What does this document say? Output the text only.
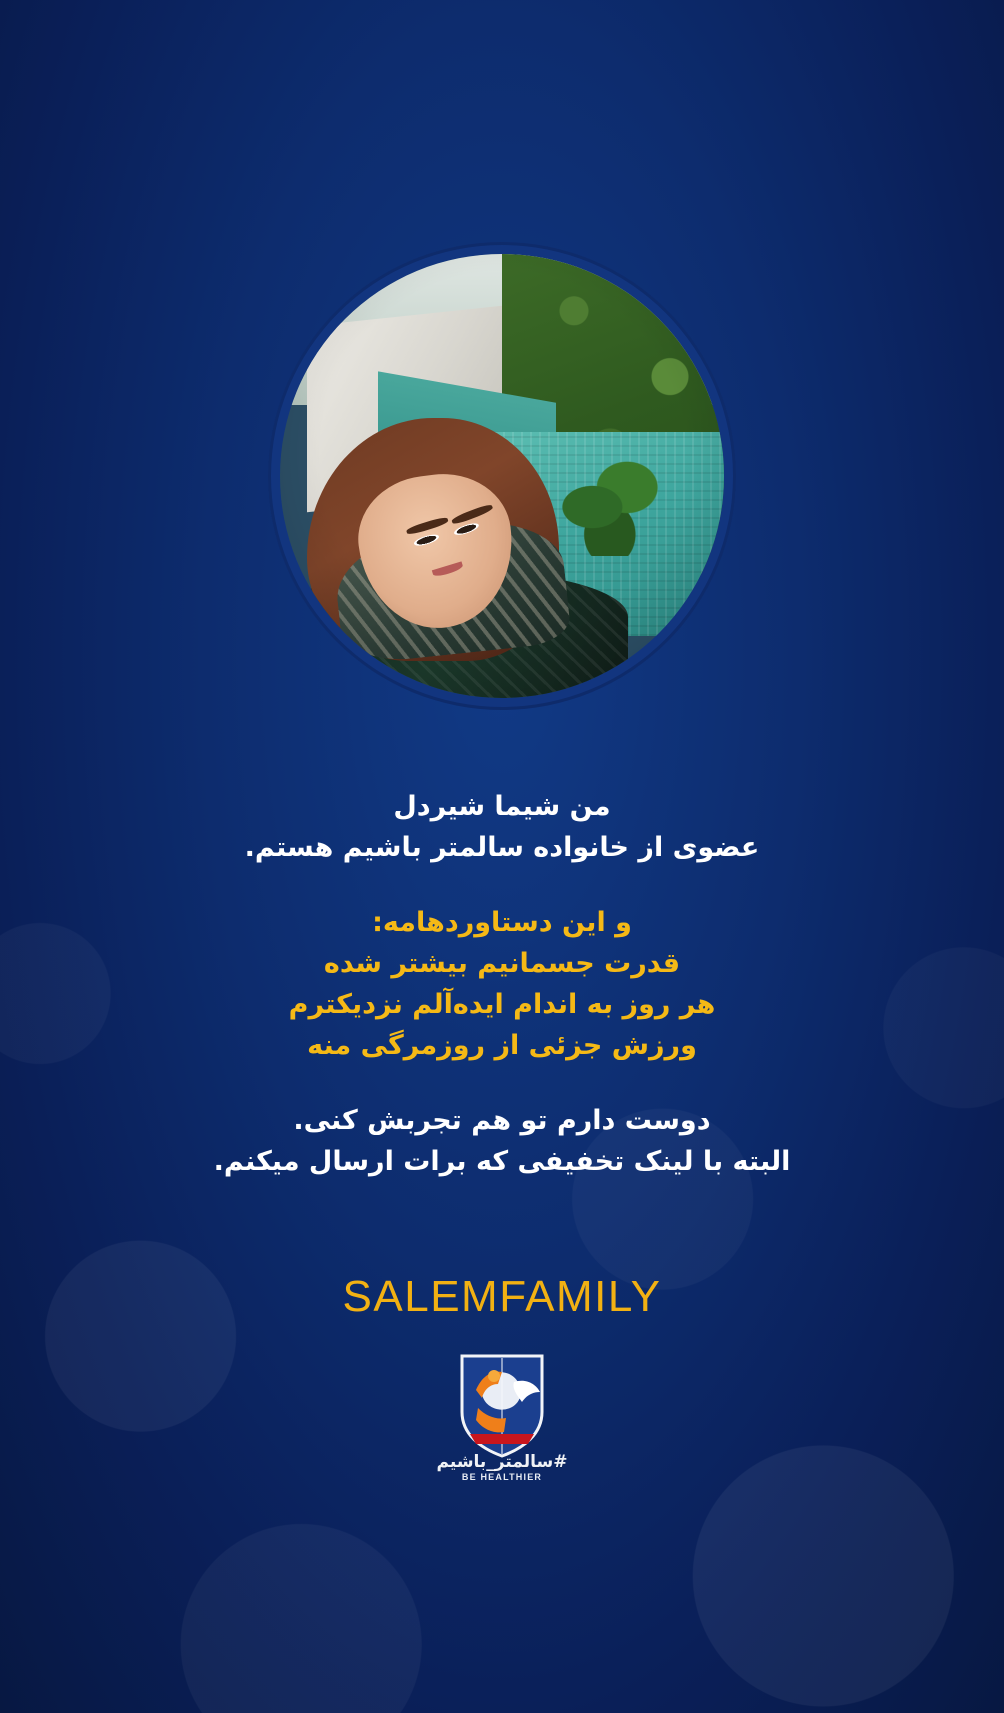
من شیما شیردل
عضوی از خانواده سالمتر باشیم هستم.
و این دستاوردهامه:
قدرت جسمانیم بیشتر شده
هر روز به اندام ایده‌آلم نزدیکترم
ورزش جزئی از روزمرگی منه
دوست دارم تو هم تجربش کنی.
البته با لینک تخفیفی که برات ارسال میکنم.
SALEMFAMILY
#سالمتر_باشیم
BE HEALTHIER
